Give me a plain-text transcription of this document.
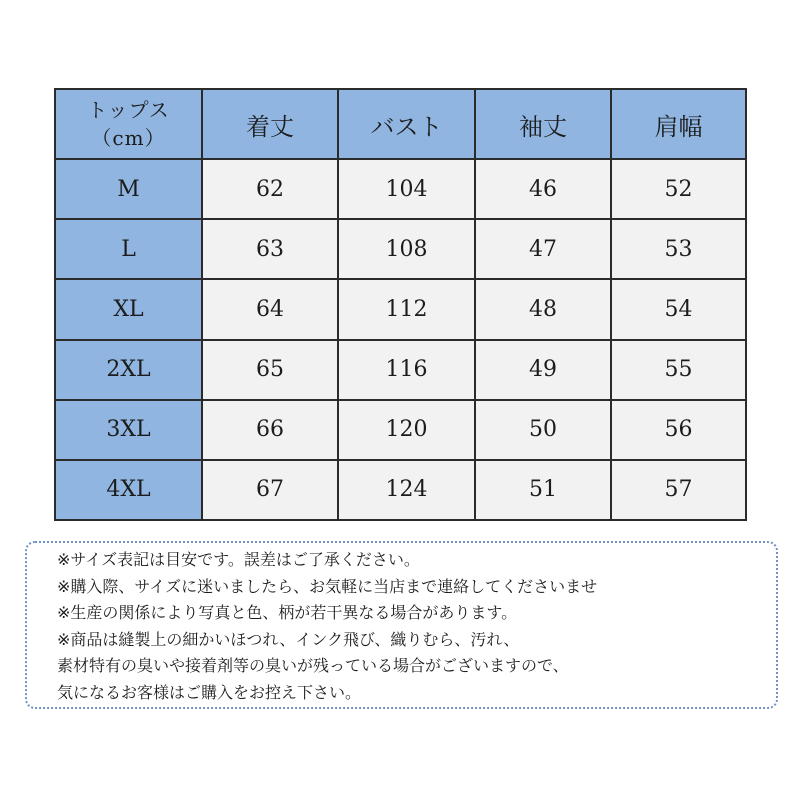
トップス
（cm）	着丈	バスト	袖丈	肩幅
M	62	104	46	52
L	63	108	47	53
XL	64	112	48	54
2XL	65	116	49	55
3XL	66	120	50	56
4XL	67	124	51	57
※サイズ表記は目安です。誤差はご了承ください。
※購入際、サイズに迷いましたら、お気軽に当店まで連絡してくださいませ
※生産の関係により写真と色、柄が若干異なる場合があります。
※商品は縫製上の細かいほつれ、インク飛び、織りむら、汚れ、
素材特有の臭いや接着剤等の臭いが残っている場合がございますので、
気になるお客様はご購入をお控え下さい。
